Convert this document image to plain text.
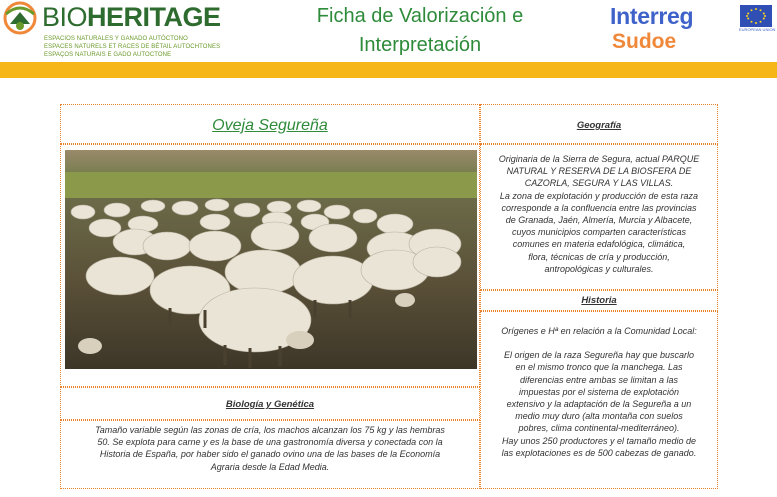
BIOHERITAGE
ESPACIOS NATURALES Y GANADO AUTÓCTONO
ESPACES NATURELS ET RACES DE BÉTAIL AUTOCHTONES
ESPAÇOS NATURAIS E GADO AUTOCTONE
Ficha de Valorización e
Interpretación
Interreg
Sudoe
EUROPEAN UNION
Oveja Segureña
Biología y Genética
Tamaño variable según las zonas de cría, los machos alcanzan los 75 kg y las hembras
50. Se explota para carne y es la base de una gastronomía diversa y conectada con la
Historia de España, por haber sido el ganado ovino una de las bases de la Economía
Agraria desde la Edad Media.
Geografía
Originaria de la Sierra de Segura, actual PARQUE
NATURAL Y RESERVA DE LA BIOSFERA DE
CAZORLA, SEGURA Y LAS VILLAS.
La zona de explotación y producción de esta raza
corresponde a la confluencia entre las provincias
de Granada, Jaén, Almería, Murcia y Albacete,
cuyos municipios comparten características
comunes en materia edafológica, climática,
flora, técnicas de cría y producción,
antropológicas y culturales.
Historia
Orígenes e Hª en relación a la Comunidad Local:
El origen de la raza Segureña hay que buscarlo
en el mismo tronco que la manchega. Las
diferencias entre ambas se limitan a las
impuestas por el sistema de explotación
extensivo y la adaptación de la Segureña a un
medio muy duro (alta montaña con suelos
pobres, clima continental-mediterráneo).
Hay unos 250 productores y el tamaño medio de
las explotaciones es de 500 cabezas de ganado.
